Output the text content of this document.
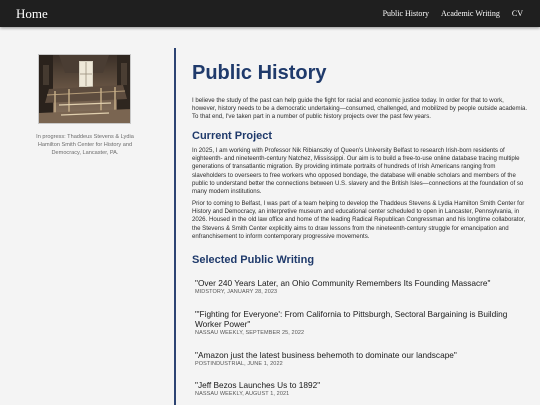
Home	Public History Academic Writing CV
In progress: Thaddeus Stevens & Lydia Hamilton Smith Center for History and Democracy, Lancaster, PA.
Public History

I believe the study of the past can help guide the fight for racial and economic justice today. In order for that to work, however, history needs to be a democratic undertaking—consumed, challenged, and mobilized by people outside academia. To that end, I've taken part in a number of public history projects over the past few years.

Current Project

In 2025, I am working with Professor Nik Ribianszky of Queen's University Belfast to research Irish-born residents of eighteenth- and nineteenth-century Natchez, Mississippi. Our aim is to build a free-to-use online database tracing multiple generations of transatlantic migration. By providing intimate portraits of hundreds of Irish Americans ranging from slaveholders to overseers to free workers who opposed bondage, the database will enable scholars and members of the public to understand better the connections between U.S. slavery and the British Isles—connections at the foundation of so many modern institutions.

Prior to coming to Belfast, I was part of a team helping to develop the Thaddeus Stevens & Lydia Hamilton Smith Center for History and Democracy, an interpretive museum and educational center scheduled to open in Lancaster, Pennsylvania, in 2026. Housed in the old law office and home of the leading Radical Republican Congressman and his longtime collaborator, the Stevens & Smith Center explicitly aims to draw lessons from the nineteenth-century struggle for emancipation and enfranchisement to inform contemporary progressive movements.

Selected Public Writing
"Over 240 Years Later, an Ohio Community Remembers Its Founding Massacre"
MIDSTORY, JANUARY 28, 2023
"'Fighting for Everyone': From California to Pittsburgh, Sectoral Bargaining is Building Worker Power"
NASSAU WEEKLY, SEPTEMBER 25, 2022
"Amazon just the latest business behemoth to dominate our landscape"
POSTINDUSTRIAL, JUNE 1, 2022
"Jeff Bezos Launches Us to 1892"
NASSAU WEEKLY, AUGUST 1, 2021
